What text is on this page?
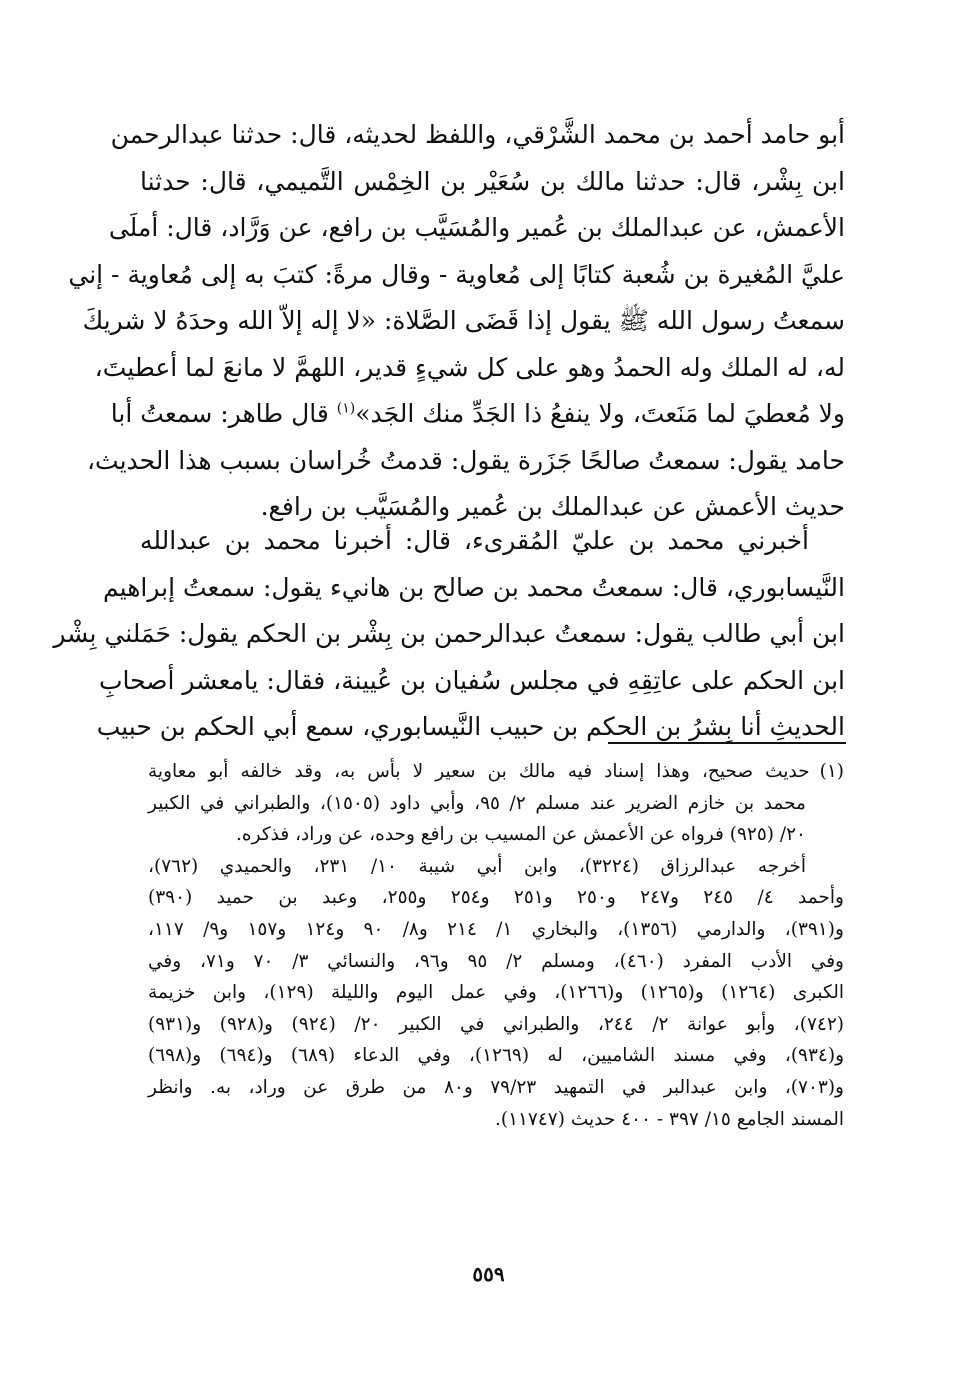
أبو حامد أحمد بن محمد الشَّرْقي، واللفظ لحديثه، قال: حدثنا عبدالرحمن
ابن بِشْر، قال: حدثنا مالك بن سُعَيْر بن الخِمْس التَّميمي، قال: حدثنا
الأعمش، عن عبدالملك بن عُمير والمُسَيَّب بن رافع، عن وَرَّاد، قال: أملَى
عليَّ المُغيرة بن شُعبة كتابًا إلى مُعاوية - وقال مرةً: كتبَ به إلى مُعاوية - إني
سمعتُ رسول الله ﷺ يقول إذا قَضَى الصَّلاة: «لا إله إلاّ الله وحدَهُ لا شريكَ
له، له الملك وله الحمدُ وهو على كل شيءٍ قدير، اللهمَّ لا مانعَ لما أعطيتَ،
ولا مُعطيَ لما مَنَعتَ، ولا ينفعُ ذا الجَدِّ منك الجَد»$^{(١)}$ قال طاهر: سمعتُ أبا
حامد يقول: سمعتُ صالحًا جَزَرة يقول: قدمتُ خُراسان بسبب هذا الحديث،
حديث الأعمش عن عبدالملك بن عُمير والمُسَيَّب بن رافع.
أخبرني محمد بن عليّ المُقرىء، قال: أخبرنا محمد بن عبدالله
النَّيسابوري، قال: سمعتُ محمد بن صالح بن هانيء يقول: سمعتُ إبراهيم
ابن أبي طالب يقول: سمعتُ عبدالرحمن بن بِشْر بن الحكم يقول: حَمَلني بِشْر
ابن الحكم على عاتِقِهِ في مجلس سُفيان بن عُيينة، فقال: يامعشر أصحابِ
الحديثِ أنا بِشرُ بن الحكم بن حبيب النَّيسابوري، سمع أبي الحكم بن حبيب
(١)حديث صحيح، وهذا إسناد فيه مالك بن سعير لا بأس به، وقد خالفه أبو معاوية
محمد بن خازم الضرير عند مسلم ٢/ ٩٥، وأبي داود (١٥٠٥)، والطبراني في الكبير
٢٠/ (٩٢٥) فرواه عن الأعمش عن المسيب بن رافع وحده، عن وراد، فذكره.
أخرجه عبدالرزاق (٣٢٢٤)، وابن أبي شيبة ١٠/ ٢٣١، والحميدي (٧٦٢)،
وأحمد ٤/ ٢٤٥ و٢٤٧ و٢٥٠ و٢٥١ و٢٥٤ و٢٥٥، وعبد بن حميد (٣٩٠)
و(٣٩١)، والدارمي (١٣٥٦)، والبخاري ١/ ٢١٤ و٨/ ٩٠ و١٢٤ و١٥٧ و٩/ ١١٧،
وفي الأدب المفرد (٤٦٠)، ومسلم ٢/ ٩٥ و٩٦، والنسائي ٣/ ٧٠ و٧١، وفي
الكبرى (١٢٦٤) و(١٢٦٥) و(١٢٦٦)، وفي عمل اليوم والليلة (١٢٩)، وابن خزيمة
(٧٤٢)، وأبو عوانة ٢/ ٢٤٤، والطبراني في الكبير ٢٠/ (٩٢٤) و(٩٢٨) و(٩٣١)
و(٩٣٤)، وفي مسند الشاميين، له (١٢٦٩)، وفي الدعاء (٦٨٩) و(٦٩٤) و(٦٩٨)
و(٧٠٣)، وابن عبدالبر في التمهيد ٧٩/٢٣ و٨٠ من طرق عن وراد، به. وانظر
المسند الجامع ١٥/ ٣٩٧ - ٤٠٠ حديث (١١٧٤٧).
٥٥٩
